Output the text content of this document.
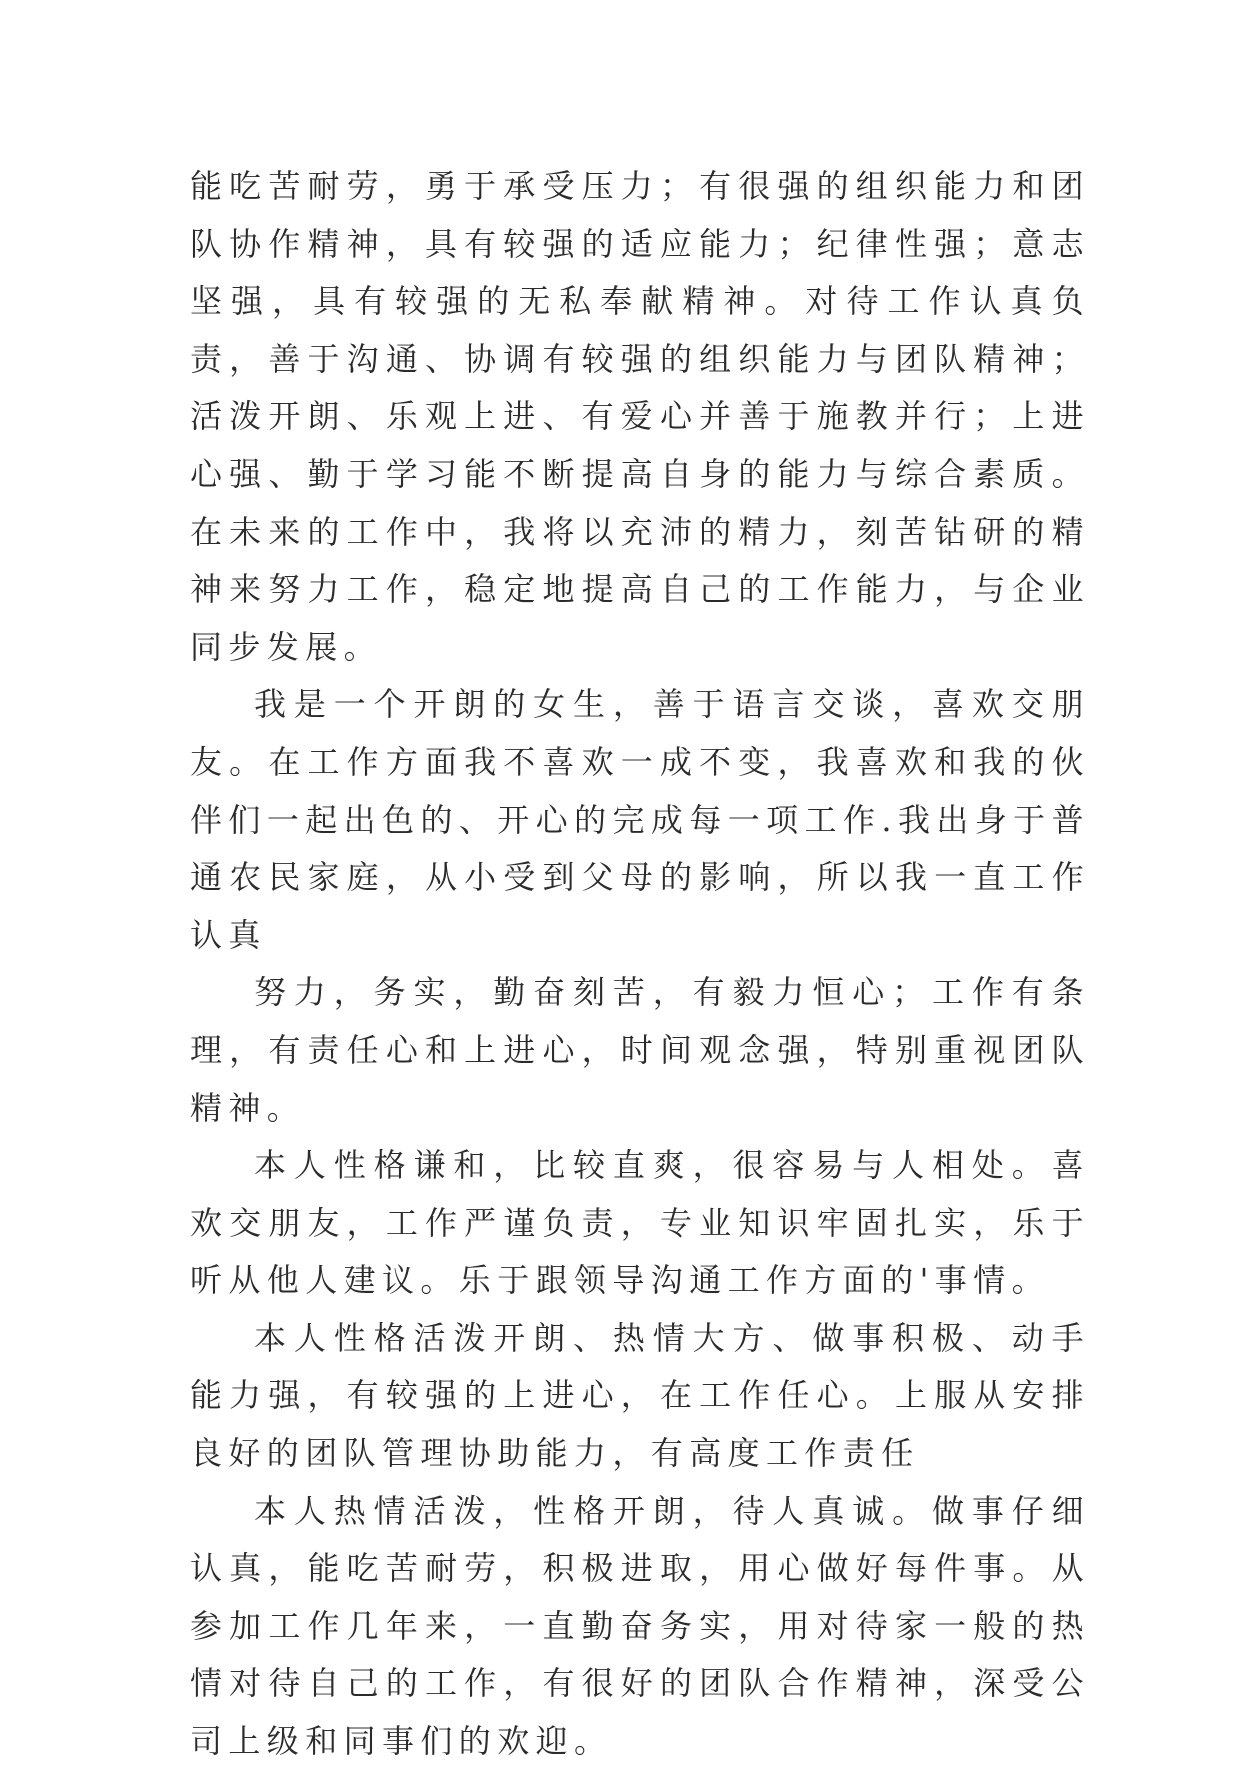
能吃苦耐劳，勇于承受压力；有很强的组织能力和团队协作精神，具有较强的适应能力；纪律性强；意志坚强，具有较强的无私奉献精神。对待工作认真负责，善于沟通、协调有较强的组织能力与团队精神；活泼开朗、乐观上进、有爱心并善于施教并行；上进心强、勤于学习能不断提高自身的能力与综合素质。在未来的工作中，我将以充沛的精力，刻苦钻研的精神来努力工作，稳定地提高自己的工作能力，与企业同步发展。

我是一个开朗的女生，善于语言交谈，喜欢交朋友。在工作方面我不喜欢一成不变，我喜欢和我的伙伴们一起出色的、开心的完成每一项工作.我出身于普通农民家庭，从小受到父母的影响，所以我一直工作认真

努力，务实，勤奋刻苦，有毅力恒心；工作有条理，有责任心和上进心，时间观念强，特别重视团队精神。

本人性格谦和，比较直爽，很容易与人相处。喜欢交朋友，工作严谨负责，专业知识牢固扎实，乐于听从他人建议。乐于跟领导沟通工作方面的'事情。

本人性格活泼开朗、热情大方、做事积极、动手能力强，有较强的上进心，在工作任心。上服从安排良好的团队管理协助能力，有高度工作责任

本人热情活泼，性格开朗，待人真诚。做事仔细认真，能吃苦耐劳，积极进取，用心做好每件事。从参加工作几年来，一直勤奋务实，用对待家一般的热情对待自己的工作，有很好的团队合作精神，深受公司上级和同事们的欢迎。
